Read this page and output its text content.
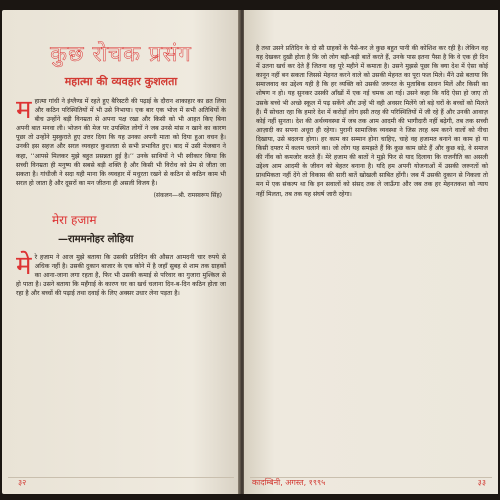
कुछ रोचक प्रसंग
महात्मा की व्यवहार कुशलता

म हात्मा गांधी ने इंग्लैण्ड में रहते हुए बैरिस्टरी की पढ़ाई के दौरान शाकाहार का व्रत लिया और कठिन परिस्थितियों में भी उसे निभाया। एक बार एक भोज में सभी अतिथियों के बीच उन्होंने बड़ी विनम्रता से अपना पक्ष रखा और किसी को भी आहत किए बिना अपनी बात मनवा ली। भोजन की मेज पर उपस्थित लोगों ने जब उनसे मांस न खाने का कारण पूछा तो उन्होंने मुस्कुराते हुए उत्तर दिया कि यह उनका अपनी माता को दिया हुआ वचन है। उनकी इस सहज और सरल व्यवहार कुशलता से सभी प्रभावित हुए। बाद में उसी मेजबान ने कहा, ‘‘आपसे मिलकर मुझे बहुत प्रसन्नता हुई है।’’ उनके साथियों ने भी स्वीकार किया कि सच्ची विनम्रता ही मनुष्य की सबसे बड़ी शक्ति है और किसी भी विरोध को प्रेम से जीता जा सकता है। गांधीजी ने सदा यही माना कि व्यवहार में मधुरता रखने से कठिन से कठिन काम भी सरल हो जाता है और दूसरों का मन जीतना ही असली विजय है।

(संकलन—श्री. रामस्वरूप सिंह)
मेरा हजाम
—राममनोहर लोहिया

मे रे हजाम ने आज मुझे बताया कि उसकी प्रतिदिन की औसत आमदनी चार रुपये से अधिक नहीं है। उसकी दुकान बाजार के एक कोने में है जहाँ सुबह से शाम तक ग्राहकों का आना-जाना लगा रहता है, फिर भी उसकी कमाई से परिवार का गुजारा मुश्किल से हो पाता है। उसने बताया कि महँगाई के कारण घर का खर्च चलाना दिन-ब-दिन कठिन होता जा रहा है और बच्चों की पढ़ाई तथा दवाई के लिए अक्सर उधार लेना पड़ता है।

३२

है तथा उसने प्रतिदिन के दो सौ ग्राहकों के पैसे-कर ले कुछ बहुत पानी की कोशिश कर रही है। लेकिन वह यह देखकर दुखी होता है कि जो लोग बड़ी-बड़ी बातें करते हैं, उनके पास इतना पैसा है कि वे एक ही दिन में उतना खर्च कर देते हैं जितना वह पूरे महीने में कमाता है। उसने मुझसे पूछा कि क्या देश में ऐसा कोई कानून नहीं बन सकता जिससे मेहनत करने वाले को उसकी मेहनत का पूरा फल मिले। मैंने उसे बताया कि समाजवाद का उद्देश्य यही है कि हर व्यक्ति को उसकी जरूरत के मुताबिक साधन मिलें और किसी का शोषण न हो। यह सुनकर उसकी आँखों में एक नई चमक आ गई। उसने कहा कि यदि ऐसा हो जाए तो उसके बच्चे भी अच्छे स्कूल में पढ़ सकेंगे और उन्हें भी वही अवसर मिलेंगे जो बड़े घरों के बच्चों को मिलते हैं। मैं सोचता रहा कि हमारे देश में करोड़ों लोग इसी तरह की परिस्थितियों में जी रहे हैं और उनकी आवाज़ कोई नहीं सुनता। देश की अर्थव्यवस्था में जब तक आम आदमी की भागीदारी नहीं बढ़ेगी, तब तक सच्ची आज़ादी का सपना अधूरा ही रहेगा। पुरानी सामाजिक व्यवस्था ने जिस तरह श्रम करने वालों को नीचा दिखाया, उसे बदलना होगा। हर काम का सम्मान होना चाहिए, चाहे वह हजामत बनाने का काम हो या किसी दफ्तर में कलम चलाने का। जो लोग यह समझते हैं कि कुछ काम छोटे हैं और कुछ बड़े, वे समाज की नींव को कमजोर करते हैं। मेरे हजाम की बातों ने मुझे फिर से याद दिलाया कि राजनीति का असली उद्देश्य आम आदमी के जीवन को बेहतर बनाना है। यदि हम अपनी योजनाओं में उसकी जरूरतों को प्राथमिकता नहीं देंगे तो विकास की सारी बातें खोखली साबित होंगी। जब मैं उसकी दुकान से निकला तो मन में एक संकल्प था कि इन सवालों को संसद तक ले जाऊँगा और जब तक हर मेहनतकश को न्याय नहीं मिलता, तब तक यह संघर्ष जारी रहेगा।

कादम्बिनी, अगस्त, १९९५	३३
